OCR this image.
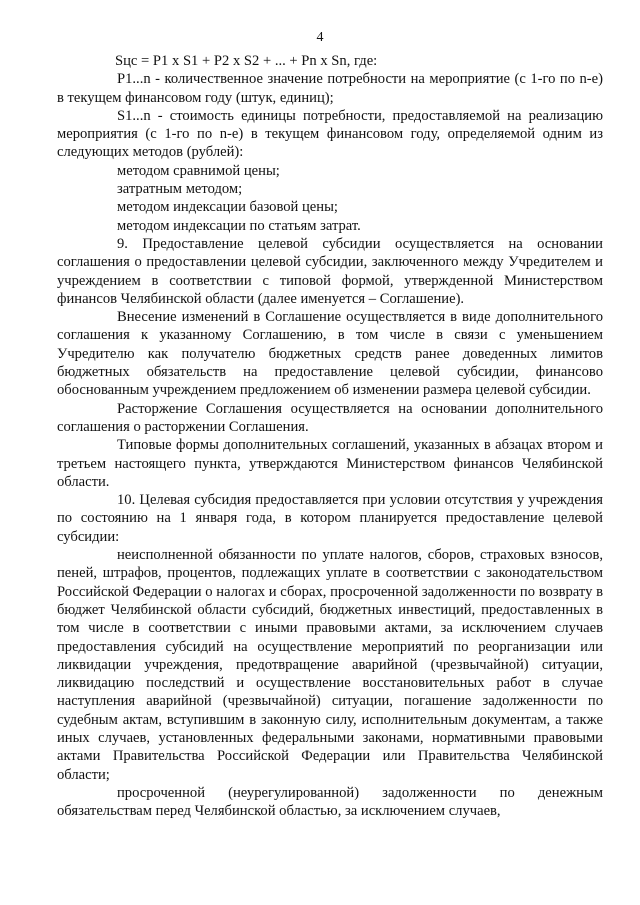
4

Sцс = P1 x S1 + P2 x S2 + ... + Pn x Sn, где:

P1...n - количественное значение потребности на мероприятие (с 1-го по n-е) в текущем финансовом году (штук, единиц);

S1...n - стоимость единицы потребности, предоставляемой на реализацию мероприятия (с 1-го по n-е) в текущем финансовом году, определяемой одним из следующих методов (рублей):

методом сравнимой цены;

затратным методом;

методом индексации базовой цены;

методом индексации по статьям затрат.

9. Предоставление целевой субсидии осуществляется на основании соглашения о предоставлении целевой субсидии, заключенного между Учредителем и учреждением в соответствии с типовой формой, утвержденной Министерством финансов Челябинской области (далее именуется – Соглашение).

Внесение изменений в Соглашение осуществляется в виде дополнительного соглашения к указанному Соглашению, в том числе в связи с уменьшением Учредителю как получателю бюджетных средств ранее доведенных лимитов бюджетных обязательств на предоставление целевой субсидии, финансово обоснованным учреждением предложением об изменении размера целевой субсидии.

Расторжение Соглашения осуществляется на основании дополнительного соглашения о расторжении Соглашения.

Типовые формы дополнительных соглашений, указанных в абзацах втором и третьем настоящего пункта, утверждаются Министерством финансов Челябинской области.

10. Целевая субсидия предоставляется при условии отсутствия у учреждения по состоянию на 1 января года, в котором планируется предоставление целевой субсидии:

неисполненной обязанности по уплате налогов, сборов, страховых взносов, пеней, штрафов, процентов, подлежащих уплате в соответствии с законодательством Российской Федерации о налогах и сборах, просроченной задолженности по возврату в бюджет Челябинской области субсидий, бюджетных инвестиций, предоставленных в том числе в соответствии с иными правовыми актами, за исключением случаев предоставления субсидий на осуществление мероприятий по реорганизации или ликвидации учреждения, предотвращение аварийной (чрезвычайной) ситуации, ликвидацию последствий и осуществление восстановительных работ в случае наступления аварийной (чрезвычайной) ситуации, погашение задолженности по судебным актам, вступившим в законную силу, исполнительным документам, а также иных случаев, установленных федеральными законами, нормативными правовыми актами Правительства Российской Федерации или Правительства Челябинской области;

просроченной (неурегулированной) задолженности по денежным обязательствам перед Челябинской областью, за исключением случаев,
